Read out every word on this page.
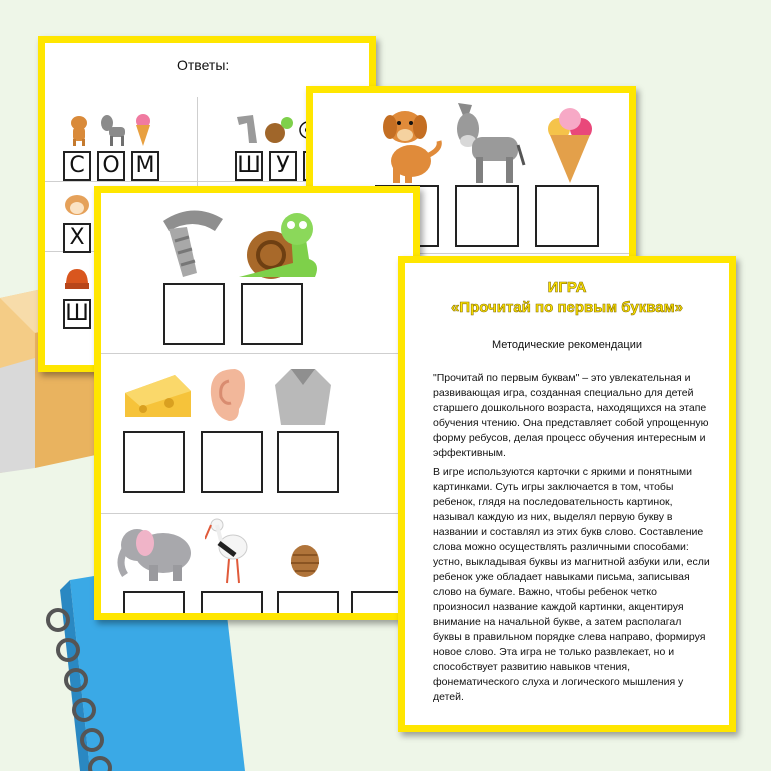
Ответы:
С О М	Ш У
Х
Ш
ИГРА
«Прочитай по первым буквам»
Методические рекомендации
"Прочитай по первым буквам" – это увлекательная и развивающая игра, созданная специально для детей старшего дошкольного возраста, находящихся на этапе обучения чтению. Она представляет собой упрощенную форму ребусов, делая процесс обучения интересным и эффективным.
В игре используются карточки с яркими и понятными картинками. Суть игры заключается в том, чтобы ребенок, глядя на последовательность картинок, называл каждую из них, выделял первую букву в названии и составлял из этих букв слово. Составление слова можно осуществлять различными способами: устно, выкладывая буквы из магнитной азбуки или, если ребенок уже обладает навыками письма, записывая слово на бумаге. Важно, чтобы ребенок четко произносил название каждой картинки, акцентируя внимание на начальной букве, а затем располагал буквы в правильном порядке слева направо, формируя новое слово. Эта игра не только развлекает, но и способствует развитию навыков чтения, фонематического слуха и логического мышления у детей.
